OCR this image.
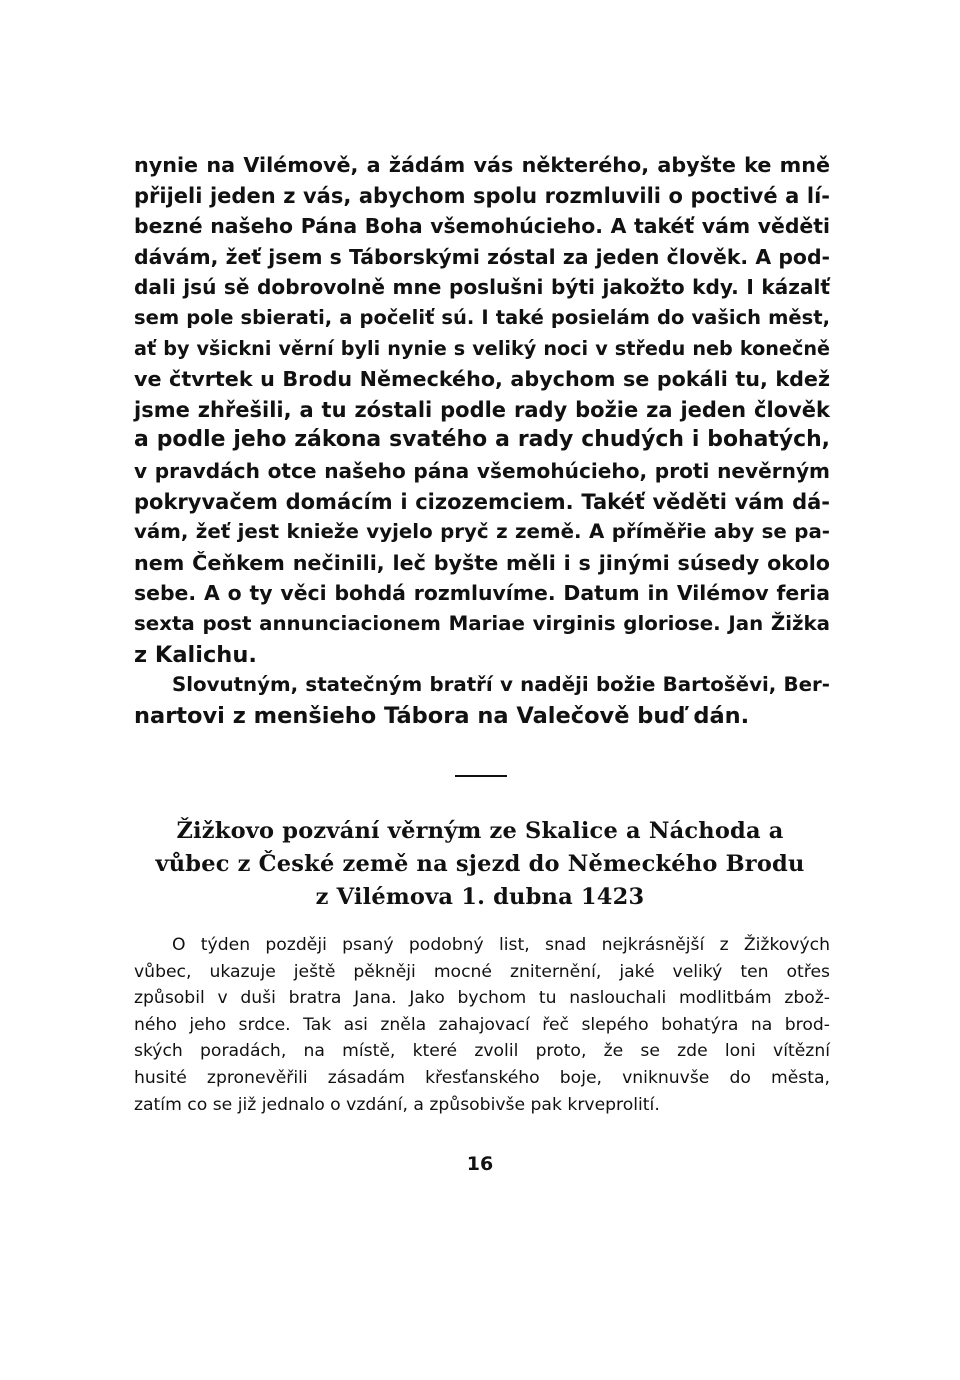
nynie na Vilémově, a žádám vás některého, abyšte ke mně
přijeli jeden z vás, abychom spolu rozmluvili o poctivé a lí-
bezné našeho Pána Boha všemohúcieho. A takéť vám věděti
dávám, žeť jsem s Táborskými zóstal za jeden člověk. A pod-
dali jsú sě dobrovolně mne poslušni býti jakožto kdy. I kázalť
sem pole sbierati, a počeliť sú. I také posielám do vašich měst,
ať by všickni věrní byli nynie s veliký noci v středu neb konečně
ve čtvrtek u Brodu Německého, abychom se pokáli tu, kdež
jsme zhřešili, a tu zóstali podle rady božie za jeden člověk
a podle jeho zákona svatého a rady chudých i bohatých,
v pravdách otce našeho pána všemohúcieho, proti nevěrným
pokryvačem domácím i cizozemciem. Takéť věděti vám dá-
vám, žeť jest knieže vyjelo pryč z země. A příměřie aby se pa-
nem Čeňkem nečinili, leč byšte měli i s jinými súsedy okolo
sebe. A o ty věci bohdá rozmluvíme. Datum in Vilémov feria
sexta post annunciacionem Mariae virginis gloriose. Jan Žižka
z Kalichu.
Slovutným, statečným bratří v naději božie Bartošěvi, Ber-
nartovi z menšieho Tábora na Valečově buď dán.
Žižkovo pozvání věrným ze Skalice a Náchoda a
vůbec z České země na sjezd do Německého Brodu
z Vilémova 1. dubna 1423
O týden později psaný podobný list, snad nejkrásnější z Žižkových
vůbec, ukazuje ještě pěkněji mocné zniternění, jaké veliký ten otřes
způsobil v duši bratra Jana. Jako bychom tu naslouchali modlitbám zbož-
ného jeho srdce. Tak asi zněla zahajovací řeč slepého bohatýra na brod-
ských poradách, na místě, které zvolil proto, že se zde loni vítězní
husité zpronevěřili zásadám křesťanského boje, vniknuvše do města,
zatím co se již jednalo o vzdání, a způsobivše pak krveprolití.
16
